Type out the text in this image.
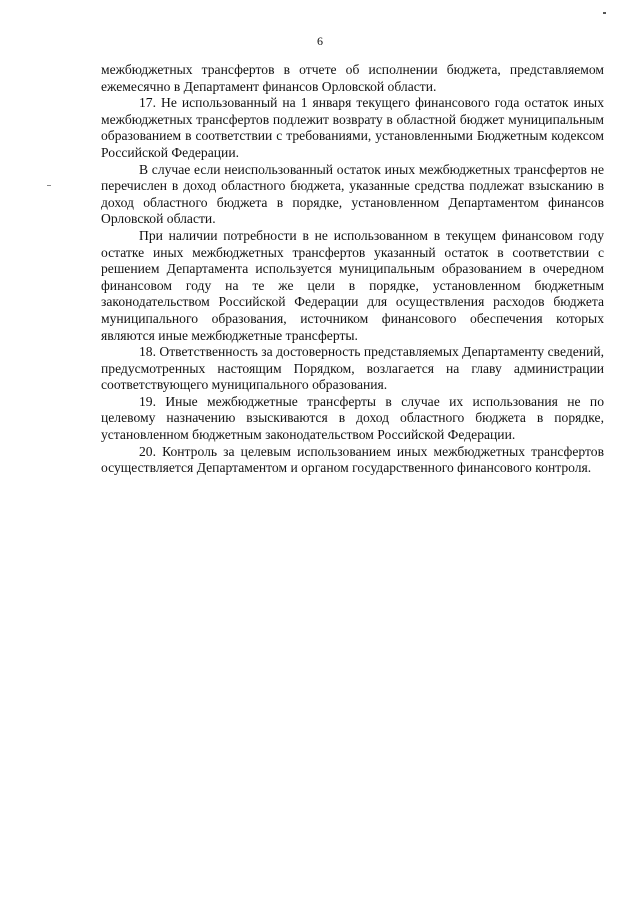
6

межбюджетных трансфертов в отчете об исполнении бюджета, представляемом ежемесячно в Департамент финансов Орловской области.

17. Не использованный на 1 января текущего финансового года остаток иных межбюджетных трансфертов подлежит возврату в областной бюджет муниципальным образованием в соответствии с требованиями, установленными Бюджетным кодексом Российской Федерации.

В случае если неиспользованный остаток иных межбюджетных трансфертов не перечислен в доход областного бюджета, указанные средства подлежат взысканию в доход областного бюджета в порядке, установленном Департаментом финансов Орловской области.

При наличии потребности в не использованном в текущем финансовом году остатке иных межбюджетных трансфертов указанный остаток в соответствии с решением Департамента используется муниципальным образованием в очередном финансовом году на те же цели в порядке, установленном бюджетным законодательством Российской Федерации для осуществления расходов бюджета муниципального образования, источником финансового обеспечения которых являются иные межбюджетные трансферты.

18. Ответственность за достоверность представляемых Департаменту сведений, предусмотренных настоящим Порядком, возлагается на главу администрации соответствующего муниципального образования.

19. Иные межбюджетные трансферты в случае их использования не по целевому назначению взыскиваются в доход областного бюджета в порядке, установленном бюджетным законодательством Российской Федерации.

20. Контроль за целевым использованием иных межбюджетных трансфертов осуществляется Департаментом и органом государственного финансового контроля.
